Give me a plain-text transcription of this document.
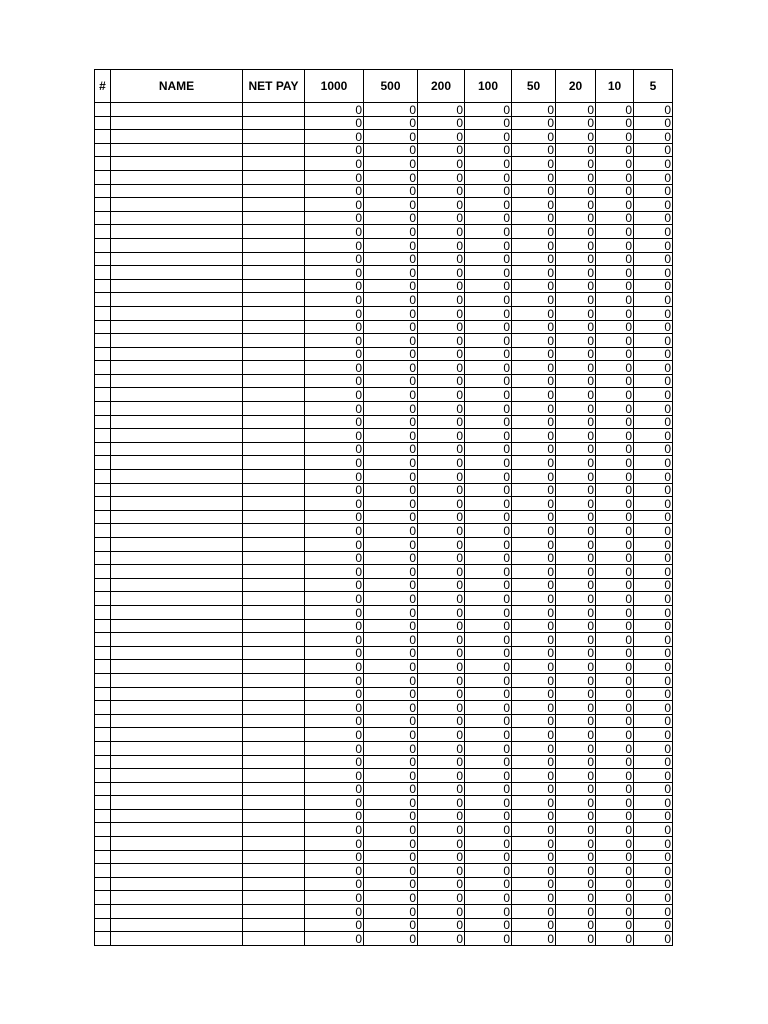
#	NAME	NET PAY	1000	500	200	100	50	20	10	5
			0	0	0	0	0	0	0	0
			0	0	0	0	0	0	0	0
			0	0	0	0	0	0	0	0
			0	0	0	0	0	0	0	0
			0	0	0	0	0	0	0	0
			0	0	0	0	0	0	0	0
			0	0	0	0	0	0	0	0
			0	0	0	0	0	0	0	0
			0	0	0	0	0	0	0	0
			0	0	0	0	0	0	0	0
			0	0	0	0	0	0	0	0
			0	0	0	0	0	0	0	0
			0	0	0	0	0	0	0	0
			0	0	0	0	0	0	0	0
			0	0	0	0	0	0	0	0
			0	0	0	0	0	0	0	0
			0	0	0	0	0	0	0	0
			0	0	0	0	0	0	0	0
			0	0	0	0	0	0	0	0
			0	0	0	0	0	0	0	0
			0	0	0	0	0	0	0	0
			0	0	0	0	0	0	0	0
			0	0	0	0	0	0	0	0
			0	0	0	0	0	0	0	0
			0	0	0	0	0	0	0	0
			0	0	0	0	0	0	0	0
			0	0	0	0	0	0	0	0
			0	0	0	0	0	0	0	0
			0	0	0	0	0	0	0	0
			0	0	0	0	0	0	0	0
			0	0	0	0	0	0	0	0
			0	0	0	0	0	0	0	0
			0	0	0	0	0	0	0	0
			0	0	0	0	0	0	0	0
			0	0	0	0	0	0	0	0
			0	0	0	0	0	0	0	0
			0	0	0	0	0	0	0	0
			0	0	0	0	0	0	0	0
			0	0	0	0	0	0	0	0
			0	0	0	0	0	0	0	0
			0	0	0	0	0	0	0	0
			0	0	0	0	0	0	0	0
			0	0	0	0	0	0	0	0
			0	0	0	0	0	0	0	0
			0	0	0	0	0	0	0	0
			0	0	0	0	0	0	0	0
			0	0	0	0	0	0	0	0
			0	0	0	0	0	0	0	0
			0	0	0	0	0	0	0	0
			0	0	0	0	0	0	0	0
			0	0	0	0	0	0	0	0
			0	0	0	0	0	0	0	0
			0	0	0	0	0	0	0	0
			0	0	0	0	0	0	0	0
			0	0	0	0	0	0	0	0
			0	0	0	0	0	0	0	0
			0	0	0	0	0	0	0	0
			0	0	0	0	0	0	0	0
			0	0	0	0	0	0	0	0
			0	0	0	0	0	0	0	0
			0	0	0	0	0	0	0	0
			0	0	0	0	0	0	0	0
